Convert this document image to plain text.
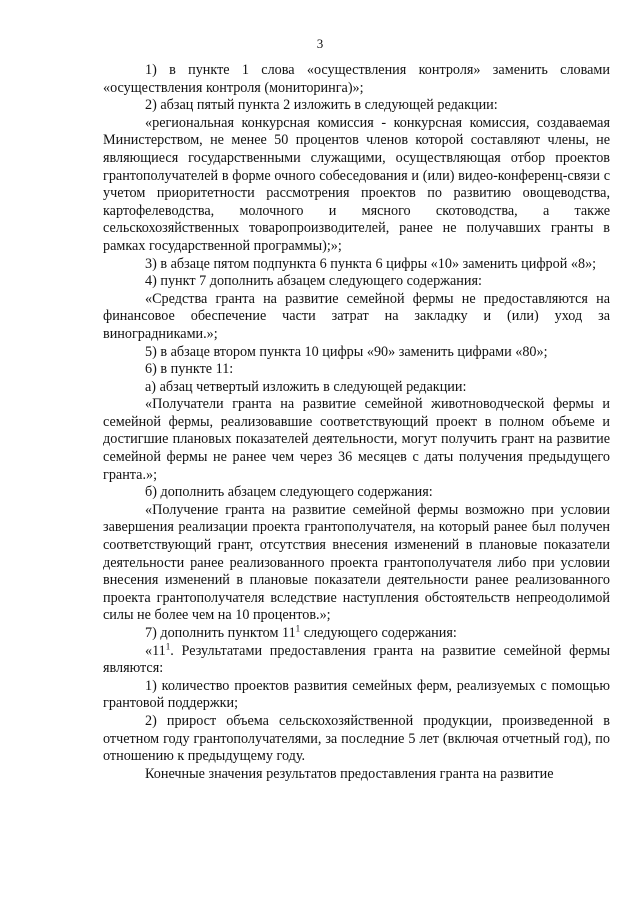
3

1) в пункте 1 слова «осуществления контроля» заменить словами «осуществления контроля (мониторинга)»;

2) абзац пятый пункта 2 изложить в следующей редакции:

«региональная конкурсная комиссия - конкурсная комиссия, создаваемая Министерством, не менее 50 процентов членов которой составляют члены, не являющиеся государственными служащими, осуществляющая отбор проектов грантополучателей в форме очного собеседования и (или) видео-конференц-связи с учетом приоритетности рассмотрения проектов по развитию овощеводства, картофелеводства, молочного и мясного скотоводства, а также сельскохозяйственных товаропроизводителей, ранее не получавших гранты в рамках государственной программы);»;

3) в абзаце пятом подпункта 6 пункта 6 цифры «10» заменить цифрой «8»;

4) пункт 7 дополнить абзацем следующего содержания:

«Средства гранта на развитие семейной фермы не предоставляются на финансовое обеспечение части затрат на закладку и (или) уход за виноградниками.»;

5) в абзаце втором пункта 10 цифры «90» заменить цифрами «80»;

6) в пункте 11:

а) абзац четвертый изложить в следующей редакции:

«Получатели гранта на развитие семейной животноводческой фермы и семейной фермы, реализовавшие соответствующий проект в полном объеме и достигшие плановых показателей деятельности, могут получить грант на развитие семейной фермы не ранее чем через 36 месяцев с даты получения предыдущего гранта.»;

б) дополнить абзацем следующего содержания:

«Получение гранта на развитие семейной фермы возможно при условии завершения реализации проекта грантополучателя, на который ранее был получен соответствующий грант, отсутствия внесения изменений в плановые показатели деятельности ранее реализованного проекта грантополучателя либо при условии внесения изменений в плановые показатели деятельности ранее реализованного проекта грантополучателя вследствие наступления обстоятельств непреодолимой силы не более чем на 10 процентов.»;

7) дополнить пунктом $11^1$ следующего содержания:

«$11^1$. Результатами предоставления гранта на развитие семейной фермы являются:

1) количество проектов развития семейных ферм, реализуемых с помощью грантовой поддержки;

2) прирост объема сельскохозяйственной продукции, произведенной в отчетном году грантополучателями, за последние 5 лет (включая отчетный год), по отношению к предыдущему году.

Конечные значения результатов предоставления гранта на развитие
